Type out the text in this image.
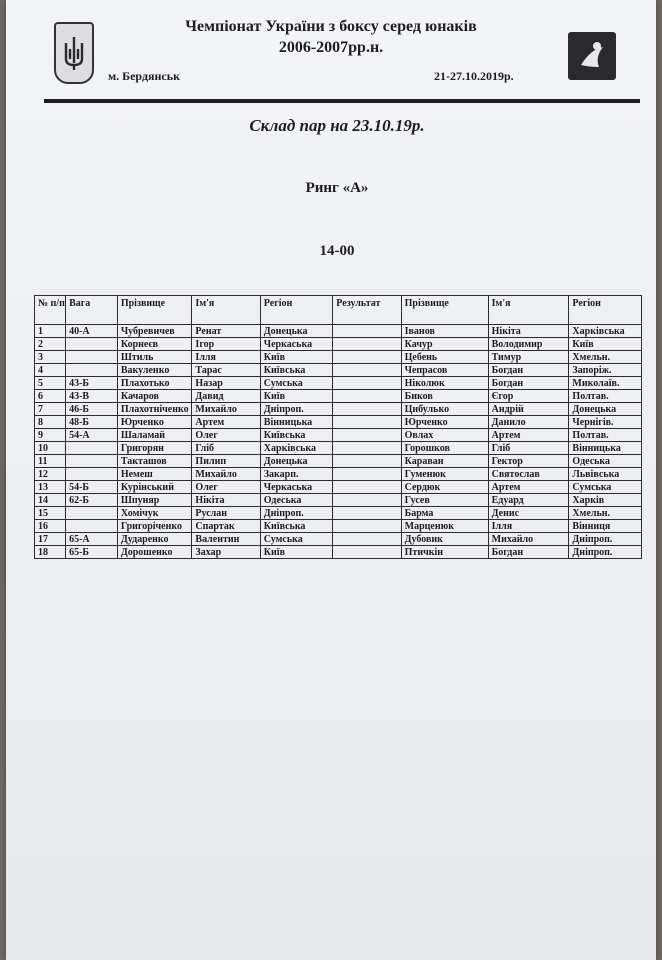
Чемпіонат України з боксу серед юнаків
2006-2007рр.н.
м. Бердянськ	21-27.10.2019р.
Склад пар на 23.10.19р.
Ринг «А»
14-00
№ п/п	Вага	Прізвище	Ім'я	Регіон	Результат	Прізвище	Ім'я	Регіон
1	40-А	Чубревичев	Ренат	Донецька		Іванов	Нікіта	Харківська
2		Корнеєв	Ігор	Черкаська		Качур	Володимир	Київ
3		Штиль	Ілля	Київ		Цебень	Тимур	Хмельн.
4		Вакуленко	Тарас	Київська		Чепрасов	Богдан	Запоріж.
5	43-Б	Плахотько	Назар	Сумська		Ніколюк	Богдан	Миколаїв.
6	43-В	Качаров	Давид	Київ		Биков	Єгор	Полтав.
7	46-Б	Плахотніченко	Михайло	Дніпроп.		Цибулько	Андрій	Донецька
8	48-Б	Юрченко	Артем	Вінницька		Юрченко	Данило	Чернігів.
9	54-А	Шаламай	Олег	Київська		Овлах	Артем	Полтав.
10		Григорян	Гліб	Харківська		Горошков	Гліб	Вінницька
11		Такташов	Пилип	Донецька		Караван	Гектор	Одеська
12		Немеш	Михайло	Закарп.		Гуменюк	Святослав	Львівська
13	54-Б	Курінський	Олег	Черкаська		Сердюк	Артем	Сумська
14	62-Б	Шпуняр	Нікіта	Одеська		Гусев	Едуард	Харків
15		Хомічук	Руслан	Дніпроп.		Барма	Денис	Хмельн.
16		Григоріченко	Спартак	Київська		Марценюк	Ілля	Вінниця
17	65-А	Дударенко	Валентин	Сумська		Дубовик	Михайло	Дніпроп.
18	65-Б	Дорошенко	Захар	Київ		Птичкін	Богдан	Дніпроп.
